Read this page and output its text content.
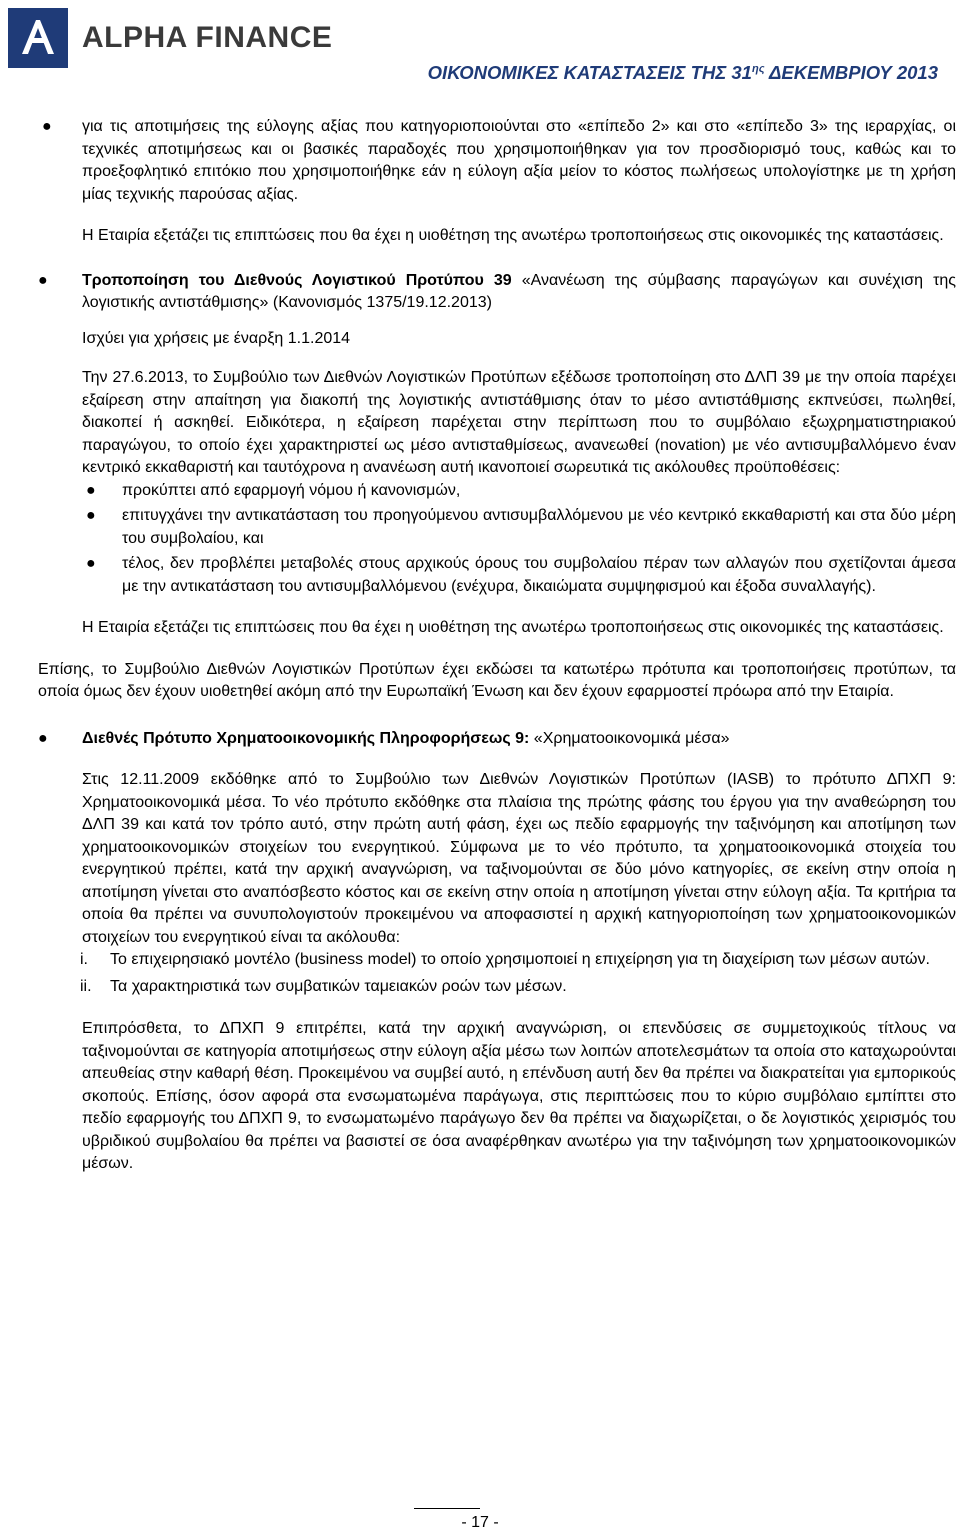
ALPHA FINANCE
ΟΙΚΟΝΟΜΙΚΕΣ ΚΑΤΑΣΤΑΣΕΙΣ ΤΗΣ $31^{\eta\varsigma}$ ΔΕΚΕΜΒΡΙΟΥ 2013
● για τις αποτιμήσεις της εύλογης αξίας που κατηγοριοποιούνται στο «επίπεδο 2» και στο «επίπεδο 3» της ιεραρχίας, οι τεχνικές αποτιμήσεως και οι βασικές παραδοχές που χρησιμοποιήθηκαν για τον προσδιορισμό τους, καθώς και το προεξοφλητικό επιτόκιο που χρησιμοποιήθηκε εάν η εύλογη αξία μείον το κόστος πωλήσεως υπολογίστηκε με τη χρήση μίας τεχνικής παρούσας αξίας.

Η Εταιρία εξετάζει τις επιπτώσεις που θα έχει η υιοθέτηση της ανωτέρω τροποποιήσεως στις οικονομικές της καταστάσεις.

● Τροποποίηση του Διεθνούς Λογιστικού Προτύπου 39 «Ανανέωση της σύμβασης παραγώγων και συνέχιση της λογιστικής αντιστάθμισης» (Κανονισμός 1375/19.12.2013)

Ισχύει για χρήσεις με έναρξη 1.1.2014

Την 27.6.2013, το Συμβούλιο των Διεθνών Λογιστικών Προτύπων εξέδωσε τροποποίηση στο ΔΛΠ 39 με την οποία παρέχει εξαίρεση στην απαίτηση για διακοπή της λογιστικής αντιστάθμισης όταν το μέσο αντιστάθμισης εκπνεύσει, πωληθεί, διακοπεί ή ασκηθεί. Ειδικότερα, η εξαίρεση παρέχεται στην περίπτωση που το συμβόλαιο εξωχρηματιστηριακού παραγώγου, το οποίο έχει χαρακτηριστεί ως μέσο αντισταθμίσεως, ανανεωθεί (novation) με νέο αντισυμβαλλόμενο έναν κεντρικό εκκαθαριστή και ταυτόχρονα η ανανέωση αυτή ικανοποιεί σωρευτικά τις ακόλουθες προϋποθέσεις:

● προκύπτει από εφαρμογή νόμου ή κανονισμών,

● επιτυγχάνει την αντικατάσταση του προηγούμενου αντισυμβαλλόμενου με νέο κεντρικό εκκαθαριστή και στα δύο μέρη του συμβολαίου, και

● τέλος, δεν προβλέπει μεταβολές στους αρχικούς όρους του συμβολαίου πέραν των αλλαγών που σχετίζονται άμεσα με την αντικατάσταση του αντισυμβαλλόμενου (ενέχυρα, δικαιώματα συμψηφισμού και έξοδα συναλλαγής).

Η Εταιρία εξετάζει τις επιπτώσεις που θα έχει η υιοθέτηση της ανωτέρω τροποποιήσεως στις οικονομικές της καταστάσεις.

Επίσης, το Συμβούλιο Διεθνών Λογιστικών Προτύπων έχει εκδώσει τα κατωτέρω πρότυπα και τροποποιήσεις προτύπων, τα οποία όμως δεν έχουν υιοθετηθεί ακόμη από την Ευρωπαϊκή Ένωση και δεν έχουν εφαρμοστεί πρόωρα από την Εταιρία.

● Διεθνές Πρότυπο Χρηματοοικονομικής Πληροφορήσεως 9: «Χρηματοοικονομικά μέσα»

Στις 12.11.2009 εκδόθηκε από το Συμβούλιο των Διεθνών Λογιστικών Προτύπων (IASB) το πρότυπο ΔΠΧΠ 9: Χρηματοοικονομικά μέσα. Το νέο πρότυπο εκδόθηκε στα πλαίσια της πρώτης φάσης του έργου για την αναθεώρηση του ΔΛΠ 39 και κατά τον τρόπο αυτό, στην πρώτη αυτή φάση, έχει ως πεδίο εφαρμογής την ταξινόμηση και αποτίμηση των χρηματοοικονομικών στοιχείων του ενεργητικού. Σύμφωνα με το νέο πρότυπο, τα χρηματοοικονομικά στοιχεία του ενεργητικού πρέπει, κατά την αρχική αναγνώριση, να ταξινομούνται σε δύο μόνο κατηγορίες, σε εκείνη στην οποία η αποτίμηση γίνεται στο αναπόσβεστο κόστος και σε εκείνη στην οποία η αποτίμηση γίνεται στην εύλογη αξία. Τα κριτήρια τα οποία θα πρέπει να συνυπολογιστούν προκειμένου να αποφασιστεί η αρχική κατηγοριοποίηση των χρηματοοικονομικών στοιχείων του ενεργητικού είναι τα ακόλουθα:

i. Το επιχειρησιακό μοντέλο (business model) το οποίο χρησιμοποιεί η επιχείρηση για τη διαχείριση των μέσων αυτών.

ii. Τα χαρακτηριστικά των συμβατικών ταμειακών ροών των μέσων.

Επιπρόσθετα, το ΔΠΧΠ 9 επιτρέπει, κατά την αρχική αναγνώριση, οι επενδύσεις σε συμμετοχικούς τίτλους να ταξινομούνται σε κατηγορία αποτιμήσεως στην εύλογη αξία μέσω των λοιπών αποτελεσμάτων τα οποία στο καταχωρούνται απευθείας στην καθαρή θέση. Προκειμένου να συμβεί αυτό, η επένδυση αυτή δεν θα πρέπει να διακρατείται για εμπορικούς σκοπούς. Επίσης, όσον αφορά στα ενσωματωμένα παράγωγα, στις περιπτώσεις που το κύριο συμβόλαιο εμπίπτει στο πεδίο εφαρμογής του ΔΠΧΠ 9, το ενσωματωμένο παράγωγο δεν θα πρέπει να διαχωρίζεται, ο δε λογιστικός χειρισμός του υβριδικού συμβολαίου θα πρέπει να βασιστεί σε όσα αναφέρθηκαν ανωτέρω για την ταξινόμηση των χρηματοοικονομικών μέσων.

- 17 -
